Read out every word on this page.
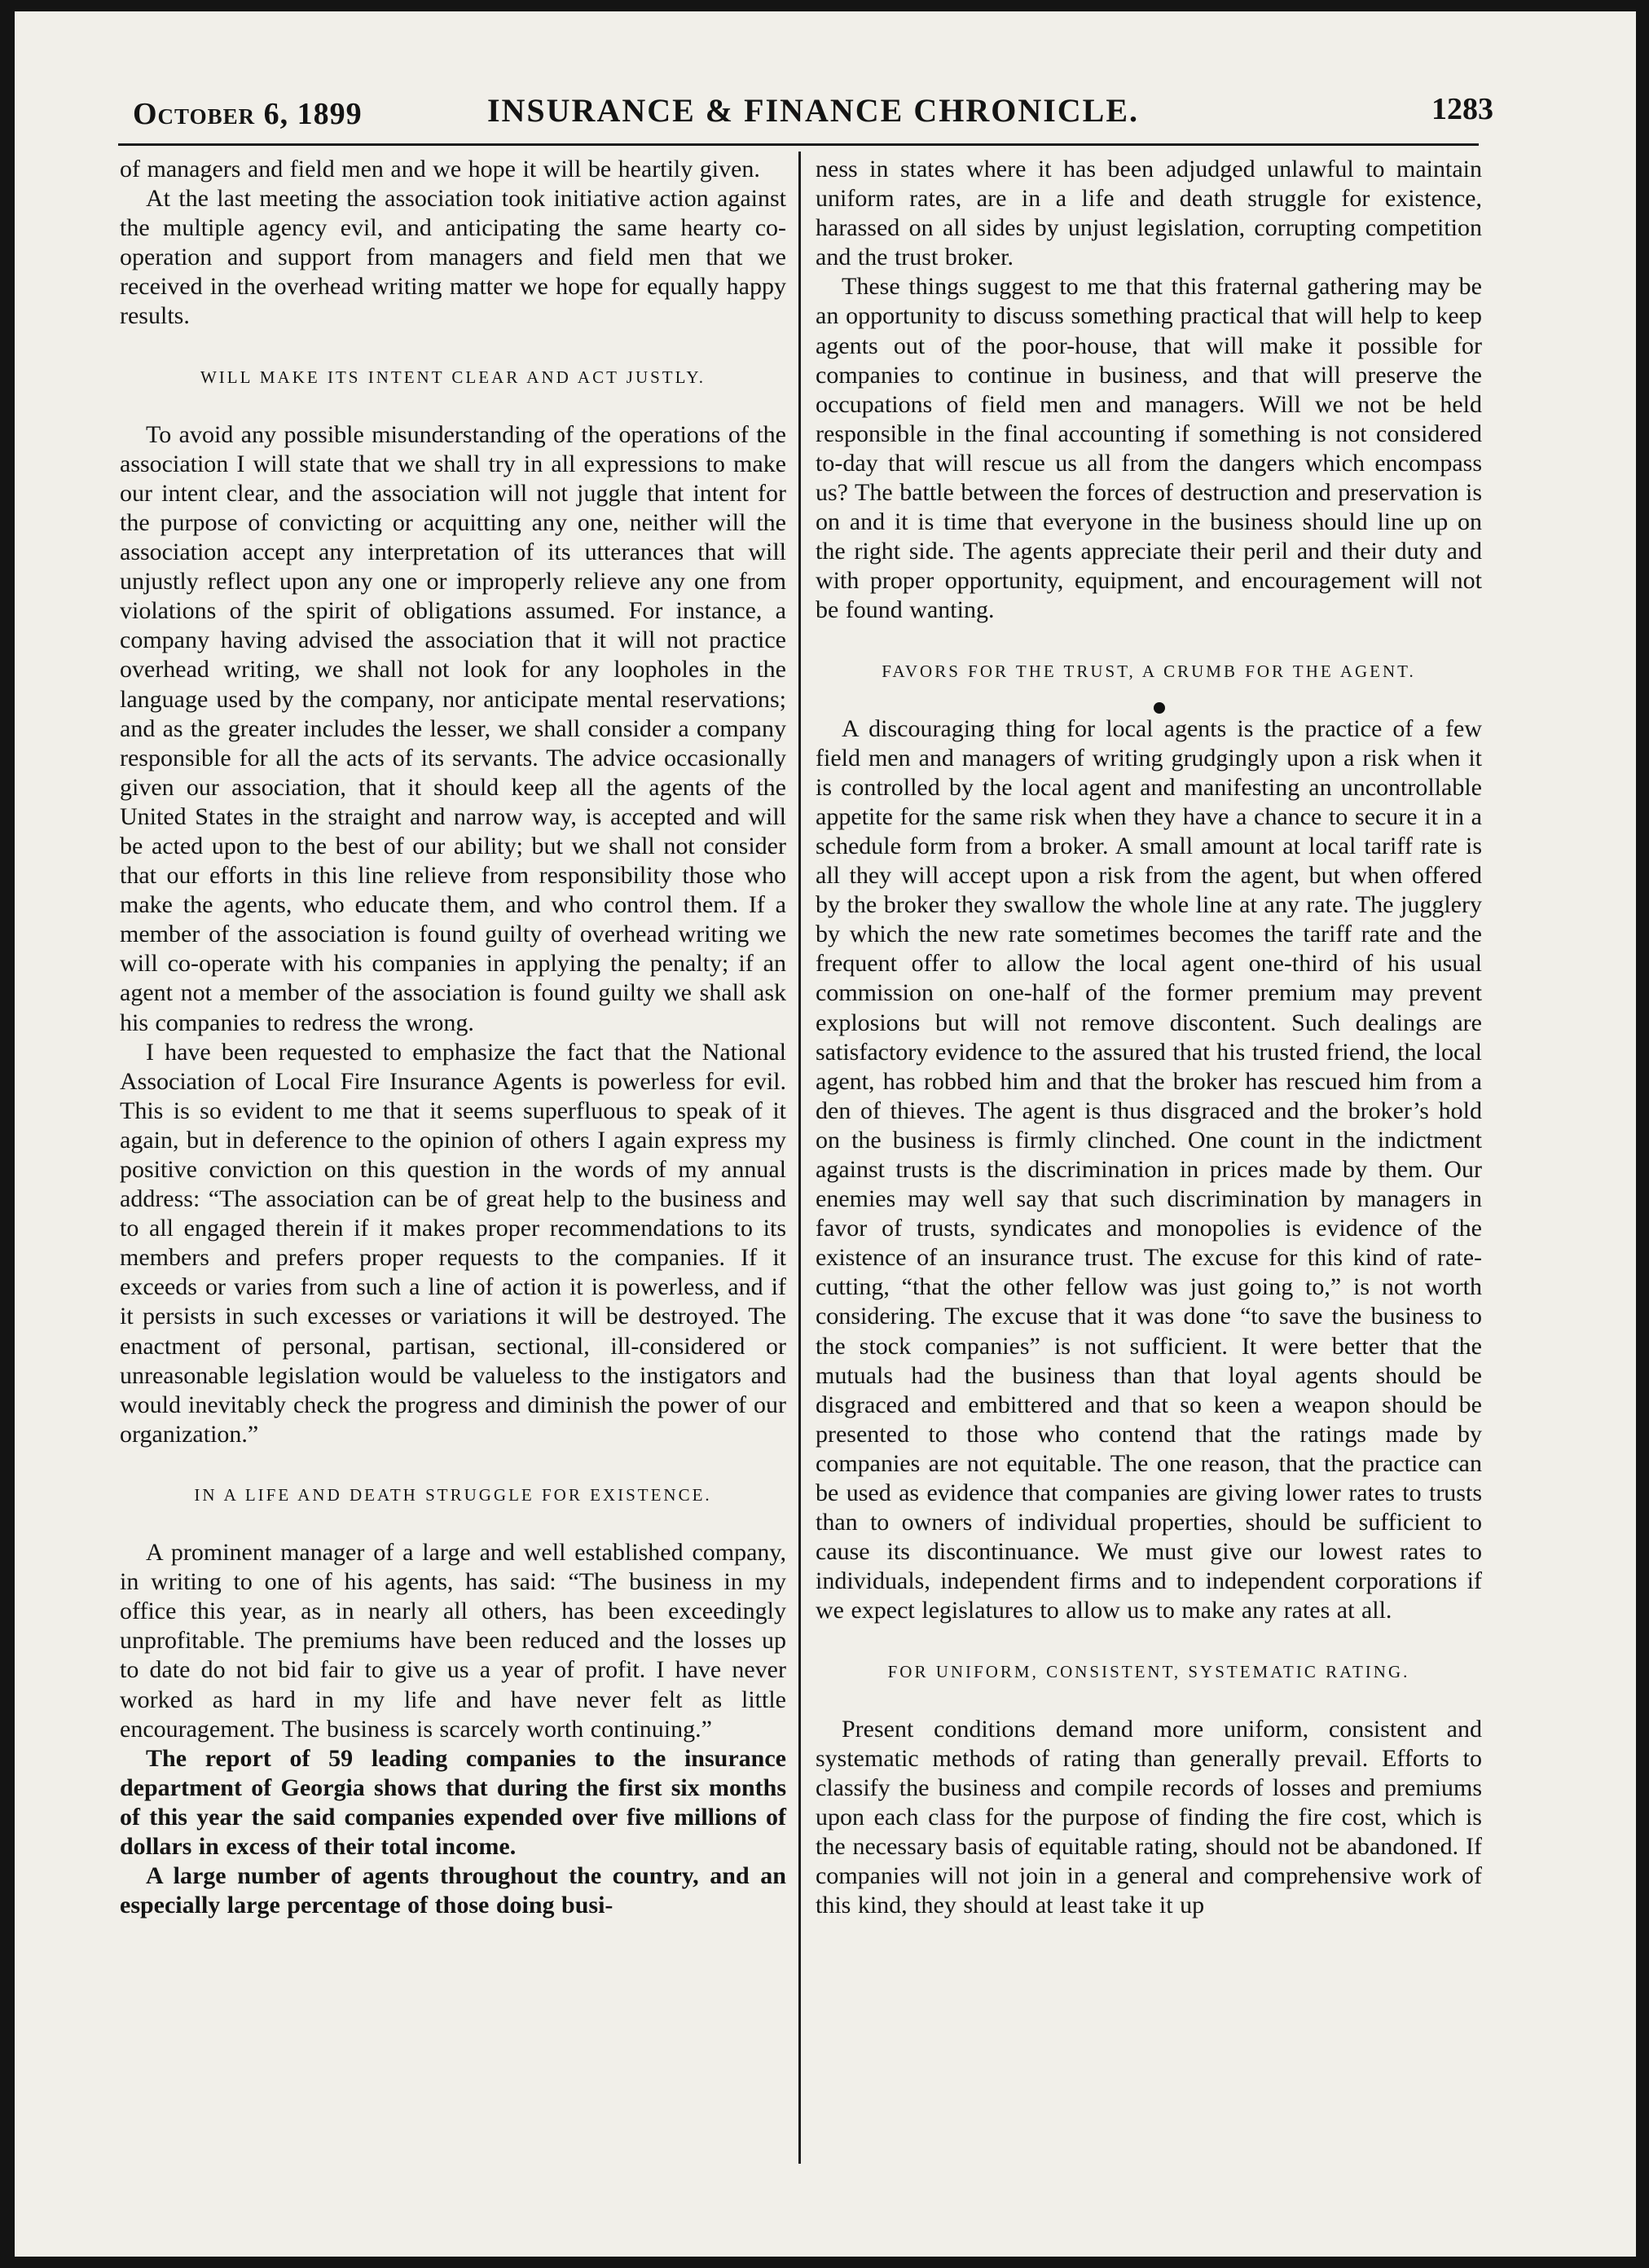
October 6, 1899	INSURANCE & FINANCE CHRONICLE.	1283

of managers and field men and we hope it will be heartily given.

At the last meeting the association took initiative action against the multiple agency evil, and anticipating the same hearty co-operation and support from managers and field men that we received in the overhead writing matter we hope for equally happy results.

WILL MAKE ITS INTENT CLEAR AND ACT JUSTLY.

To avoid any possible misunderstanding of the operations of the association I will state that we shall try in all expressions to make our intent clear, and the association will not juggle that intent for the purpose of convicting or acquitting any one, neither will the association accept any interpretation of its utterances that will unjustly reflect upon any one or improperly relieve any one from violations of the spirit of obligations assumed. For instance, a company having advised the association that it will not practice overhead writing, we shall not look for any loopholes in the language used by the company, nor anticipate mental reservations; and as the greater includes the lesser, we shall consider a company responsible for all the acts of its servants. The advice occasionally given our association, that it should keep all the agents of the United States in the straight and narrow way, is accepted and will be acted upon to the best of our ability; but we shall not consider that our efforts in this line relieve from responsibility those who make the agents, who educate them, and who control them. If a member of the association is found guilty of overhead writing we will co-operate with his companies in applying the penalty; if an agent not a member of the association is found guilty we shall ask his companies to redress the wrong.

I have been requested to emphasize the fact that the National Association of Local Fire Insurance Agents is powerless for evil. This is so evident to me that it seems superfluous to speak of it again, but in deference to the opinion of others I again express my positive conviction on this question in the words of my annual address: “The association can be of great help to the business and to all engaged therein if it makes proper recommendations to its members and prefers proper requests to the companies. If it exceeds or varies from such a line of action it is powerless, and if it persists in such excesses or variations it will be destroyed. The enactment of personal, partisan, sectional, ill-considered or unreasonable legislation would be valueless to the instigators and would inevitably check the progress and diminish the power of our organization.”

IN A LIFE AND DEATH STRUGGLE FOR EXISTENCE.

A prominent manager of a large and well established company, in writing to one of his agents, has said: “The business in my office this year, as in nearly all others, has been exceedingly unprofitable. The premiums have been reduced and the losses up to date do not bid fair to give us a year of profit. I have never worked as hard in my life and have never felt as little encouragement. The business is scarcely worth continuing.”

The report of 59 leading companies to the insurance department of Georgia shows that during the first six months of this year the said companies expended over five millions of dollars in excess of their total income.

A large number of agents throughout the country, and an especially large percentage of those doing busi-

ness in states where it has been adjudged unlawful to maintain uniform rates, are in a life and death struggle for existence, harassed on all sides by unjust legislation, corrupting competition and the trust broker.

These things suggest to me that this fraternal gathering may be an opportunity to discuss something practical that will help to keep agents out of the poor-house, that will make it possible for companies to continue in business, and that will preserve the occupations of field men and managers. Will we not be held responsible in the final accounting if something is not considered to-day that will rescue us all from the dangers which encompass us? The battle between the forces of destruction and preservation is on and it is time that everyone in the business should line up on the right side. The agents appreciate their peril and their duty and with proper opportunity, equipment, and encouragement will not be found wanting.

FAVORS FOR THE TRUST, A CRUMB FOR THE AGENT.

A discouraging thing for local agents is the practice of a few field men and managers of writing grudgingly upon a risk when it is controlled by the local agent and manifesting an uncontrollable appetite for the same risk when they have a chance to secure it in a schedule form from a broker. A small amount at local tariff rate is all they will accept upon a risk from the agent, but when offered by the broker they swallow the whole line at any rate. The jugglery by which the new rate sometimes becomes the tariff rate and the frequent offer to allow the local agent one-third of his usual commission on one-half of the former premium may prevent explosions but will not remove discontent. Such dealings are satisfactory evidence to the assured that his trusted friend, the local agent, has robbed him and that the broker has rescued him from a den of thieves. The agent is thus disgraced and the broker’s hold on the business is firmly clinched. One count in the indictment against trusts is the discrimination in prices made by them. Our enemies may well say that such discrimination by managers in favor of trusts, syndicates and monopolies is evidence of the existence of an insurance trust. The excuse for this kind of rate-cutting, “that the other fellow was just going to,” is not worth considering. The excuse that it was done “to save the business to the stock companies” is not sufficient. It were better that the mutuals had the business than that loyal agents should be disgraced and embittered and that so keen a weapon should be presented to those who contend that the ratings made by companies are not equitable. The one reason, that the practice can be used as evidence that companies are giving lower rates to trusts than to owners of individual properties, should be sufficient to cause its discontinuance. We must give our lowest rates to individuals, independent firms and to independent corporations if we expect legislatures to allow us to make any rates at all.

FOR UNIFORM, CONSISTENT, SYSTEMATIC RATING.

Present conditions demand more uniform, consistent and systematic methods of rating than generally prevail. Efforts to classify the business and compile records of losses and premiums upon each class for the purpose of finding the fire cost, which is the necessary basis of equitable rating, should not be abandoned. If companies will not join in a general and comprehensive work of this kind, they should at least take it up
